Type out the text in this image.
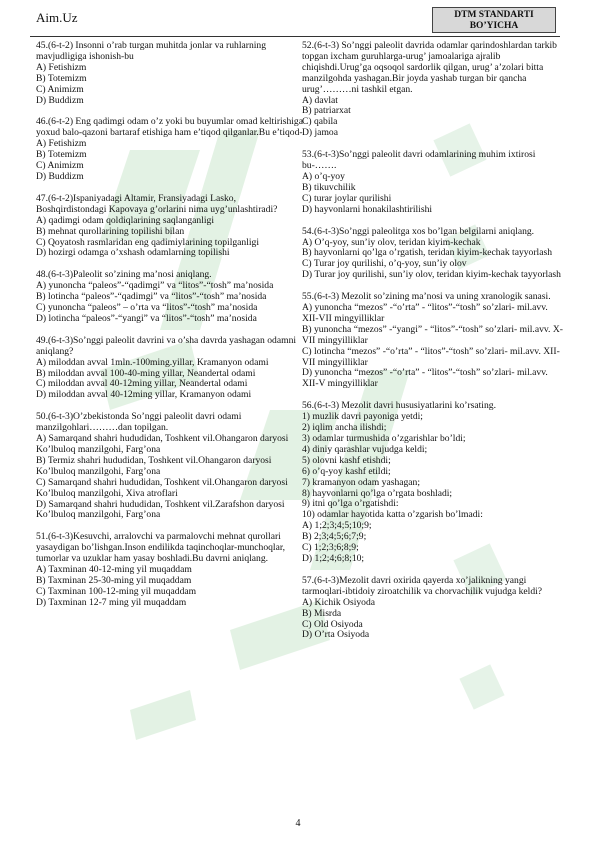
Aim.Uz	DTM STANDARTI
BO’YICHA
45.(6-t-2) Insonni o’rab turgan muhitda jonlar va ruhlarning mavjudligiga ishonish-bu
A) Fetishizm
B) Totemizm
C) Animizm
D) Buddizm
46.(6-t-2) Eng qadimgi odam o’z yoki bu buyumlar omad keltirishiga yoxud balo-qazoni bartaraf etishiga ham e’tiqod qilganlar.Bu e’tiqod-
A) Fetishizm
B) Totemizm
C) Animizm
D) Buddizm
47.(6-t-2)Ispaniyadagi Altamir, Fransiyadagi Lasko, Boshqirdistondagi Kapovaya g’orlarini nima uyg’unlashtiradi?
A) qadimgi odam qoldiqlarining saqlanganligi
B) mehnat qurollarining topilishi bilan
C) Qoyatosh rasmlaridan eng qadimiylarining topilganligi
D) hozirgi odamga o’xshash odamlarning topilishi
48.(6-t-3)Paleolit so’zining ma’nosi aniqlang.
A) yunoncha “paleos”-“qadimgi” va “litos”-“tosh” ma’nosida
B) lotincha “paleos”-“qadimgi” va “litos”-“tosh” ma’nosida
C) yunoncha “paleos” – o’rta va “litos”-“tosh” ma’nosida
D) lotincha “paleos”-“yangi” va “litos”-“tosh” ma’nosida
49.(6-t-3)So’nggi paleolit davrini va o’sha davrda yashagan odamni aniqlang?
A) miloddan avval 1mln.-100ming.yillar, Kramanyon odami
B) miloddan avval 100-40-ming yillar, Neandertal odami
C) miloddan avval 40-12ming yillar, Neandertal odami
D) miloddan avval 40-12ming yillar, Kramanyon odami
50.(6-t-3)O’zbekistonda So’nggi paleolit davri odami manzilgohlari………dan topilgan.
A) Samarqand shahri hududidan, Toshkent vil.Ohangaron daryosi Ko’lbuloq manzilgohi, Farg’ona
B) Termiz shahri hududidan, Toshkent vil.Ohangaron daryosi Ko’lbuloq manzilgohi, Farg’ona
C) Samarqand shahri hududidan, Toshkent vil.Ohangaron daryosi Ko’lbuloq manzilgohi, Xiva atroflari
D) Samarqand shahri hududidan, Toshkent vil.Zarafshon daryosi Ko’lbuloq manzilgohi, Farg’ona
51.(6-t-3)Kesuvchi, arralovchi va parmalovchi mehnat qurollari yasaydigan bo’lishgan.Inson endilikda taqinchoqlar-munchoqlar, tumorlar va uzuklar ham yasay boshladi.Bu davrni aniqlang.
A) Taxminan 40-12-ming yil muqaddam
B) Taxminan 25-30-ming yil muqaddam
C) Taxminan 100-12-ming yil muqaddam
D) Taxminan 12-7 ming yil muqaddam
52.(6-t-3) So’nggi paleolit davrida odamlar qarindoshlardan tarkib topgan ixcham guruhlarga-urug’ jamoalariga ajralib chiqishdi.Urug’ga oqsoqol sardorlik qilgan, urug’ a’zolari bitta manzilgohda yashagan.Bir joyda yashab turgan bir qancha urug’………ni tashkil etgan.
A) davlat
B) patriarxat
C) qabila
D) jamoa
53.(6-t-3)So’nggi paleolit davri odamlarining muhim ixtirosi bu-…….
A) o’q-yoy
B) tikuvchilik
C) turar joylar qurilishi
D) hayvonlarni honakilashtirilishi
54.(6-t-3)So’nggi paleolitga xos bo’lgan belgilarni aniqlang.
A) O’q-yoy, sun’iy olov, teridan kiyim-kechak
B) hayvonlarni qo’lga o’rgatish, teridan kiyim-kechak tayyorlash
C) Turar joy qurilishi, o’q-yoy, sun’iy olov
D) Turar joy qurilishi, sun’iy olov, teridan kiyim-kechak tayyorlash
55.(6-t-3) Mezolit so’zining ma’nosi va uning xranologik sanasi.
A) yunoncha “mezos” -“o’rta” - “litos”-“tosh” so’zlari- mil.avv. XII-VII mingyilliklar
B) yunoncha “mezos” -“yangi” - “litos”-“tosh” so’zlari- mil.avv. X-VII mingyilliklar
C) lotincha “mezos” -“o’rta” - “litos”-“tosh” so’zlari- mil.avv. XII-VII mingyilliklar
D) yunoncha “mezos” -“o’rta” - “litos”-“tosh” so’zlari- mil.avv. XII-V mingyilliklar
56.(6-t-3) Mezolit davri hususiyatlarini ko’rsating.
1) muzlik davri payoniga yetdi;
2) iqlim ancha ilishdi;
3) odamlar turmushida o’zgarishlar bo’ldi;
4) diniy qarashlar vujudga keldi;
5) olovni kashf etishdi;
6) o’q-yoy kashf etildi;
7) kramanyon odam yashagan;
8) hayvonlarni qo’lga o’rgata boshladi;
9) itni qo’lga o’rgatishdi:
10) odamlar hayotida katta o’zgarish bo’lmadi:
A) 1;2;3;4;5;10;9;
B) 2;3;4;5;6;7;9;
C) 1;2;3;6;8;9;
D) 1;2;4;6;8;10;
57.(6-t-3)Mezolit davri oxirida qayerda xo’jalikning yangi tarmoqlari-ibtidoiy ziroatchilik va chorvachilik vujudga keldi?
A) Kichik Osiyoda
B) Misrda
C) Old Osiyoda
D) O’rta Osiyoda
4
